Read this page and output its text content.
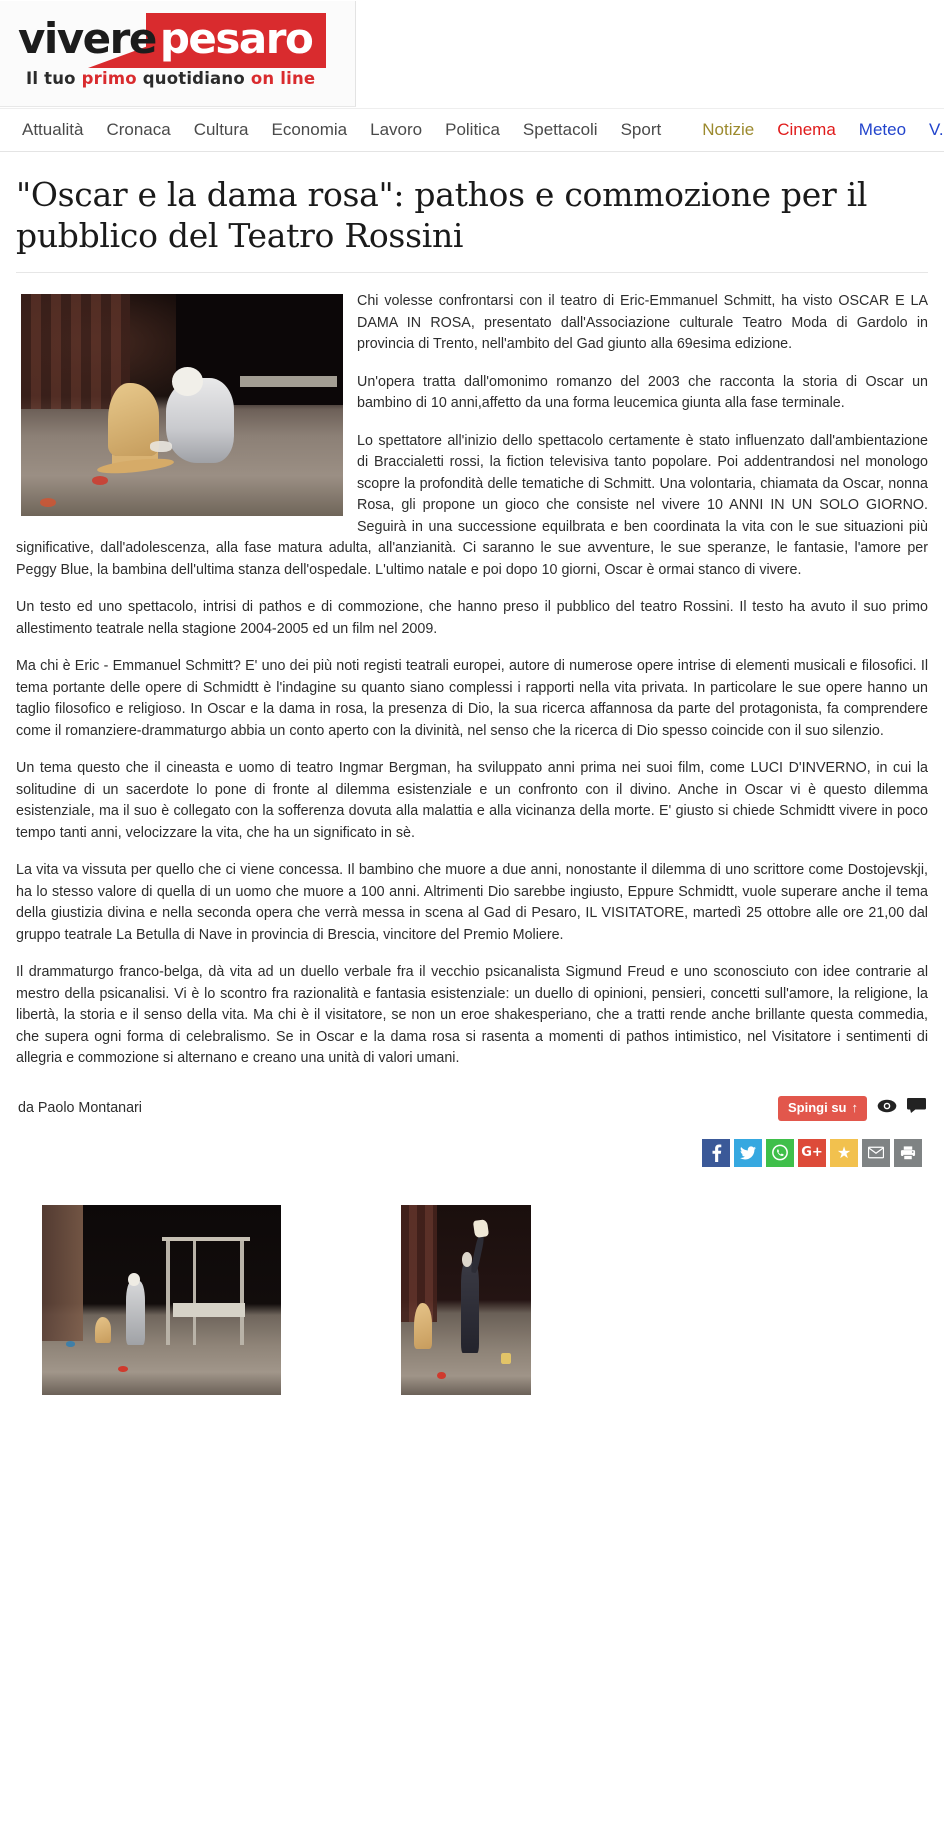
viverepesaro
Il tuo primo quotidiano on line
Attualità Cronaca Cultura Economia Lavoro Politica Spettacoli Sport Notizie Cinema Meteo V.
"Oscar e la dama rosa": pathos e commozione per il pubblico del Teatro Rossini

Chi volesse confrontarsi con il teatro di Eric-Emmanuel Schmitt, ha visto OSCAR E LA DAMA IN ROSA, presentato dall'Associazione culturale Teatro Moda di Gardolo in provincia di Trento, nell'ambito del Gad giunto alla 69esima edizione.

Un'opera tratta dall'omonimo romanzo del 2003 che racconta la storia di Oscar un bambino di 10 anni,affetto da una forma leucemica giunta alla fase terminale.

Lo spettatore all'inizio dello spettacolo certamente è stato influenzato dall'ambientazione di Braccialetti rossi, la fiction televisiva tanto popolare. Poi addentrandosi nel monologo scopre la profondità delle tematiche di Schmitt. Una volontaria, chiamata da Oscar, nonna Rosa, gli propone un gioco che consiste nel vivere 10 ANNI IN UN SOLO GIORNO. Seguirà in una successione equilbrata e ben coordinata la vita con le sue situazioni più significative, dall'adolescenza, alla fase matura adulta, all'anzianità. Ci saranno le sue avventure, le sue speranze, le fantasie, l'amore per Peggy Blue, la bambina dell'ultima stanza dell'ospedale. L'ultimo natale e poi dopo 10 giorni, Oscar è ormai stanco di vivere.

Un testo ed uno spettacolo, intrisi di pathos e di commozione, che hanno preso il pubblico del teatro Rossini. Il testo ha avuto il suo primo allestimento teatrale nella stagione 2004-2005 ed un film nel 2009.

Ma chi è Eric - Emmanuel Schmitt? E' uno dei più noti registi teatrali europei, autore di numerose opere intrise di elementi musicali e filosofici. Il tema portante delle opere di Schmidtt è l'indagine su quanto siano complessi i rapporti nella vita privata. In particolare le sue opere hanno un taglio filosofico e religioso. In Oscar e la dama in rosa, la presenza di Dio, la sua ricerca affannosa da parte del protagonista, fa comprendere come il romanziere-drammaturgo abbia un conto aperto con la divinità, nel senso che la ricerca di Dio spesso coincide con il suo silenzio.

Un tema questo che il cineasta e uomo di teatro Ingmar Bergman, ha sviluppato anni prima nei suoi film, come LUCI D'INVERNO, in cui la solitudine di un sacerdote lo pone di fronte al dilemma esistenziale e un confronto con il divino. Anche in Oscar vi è questo dilemma esistenziale, ma il suo è collegato con la sofferenza dovuta alla malattia e alla vicinanza della morte. E' giusto si chiede Schmidtt vivere in poco tempo tanti anni, velocizzare la vita, che ha un significato in sè.

La vita va vissuta per quello che ci viene concessa. Il bambino che muore a due anni, nonostante il dilemma di uno scrittore come Dostojevskji, ha lo stesso valore di quella di un uomo che muore a 100 anni. Altrimenti Dio sarebbe ingiusto, Eppure Schmidtt, vuole superare anche il tema della giustizia divina e nella seconda opera che verrà messa in scena al Gad di Pesaro, IL VISITATORE, martedì 25 ottobre alle ore 21,00 dal gruppo teatrale La Betulla di Nave in provincia di Brescia, vincitore del Premio Moliere.

Il drammaturgo franco-belga, dà vita ad un duello verbale fra il vecchio psicanalista Sigmund Freud e uno sconosciuto con idee contrarie al mestro della psicanalisi. Vi è lo scontro fra razionalità e fantasia esistenziale: un duello di opinioni, pensieri, concetti sull'amore, la religione, la libertà, la storia e il senso della vita. Ma chi è il visitatore, se non un eroe shakesperiano, che a tratti rende anche brillante questa commedia, che supera ogni forma di celebralismo. Se in Oscar e la dama rosa si rasenta a momenti di pathos intimistico, nel Visitatore i sentimenti di allegria e commozione si alternano e creano una unità di valori umani.

da Paolo Montanari	Spingi su ↑
G+ ★
